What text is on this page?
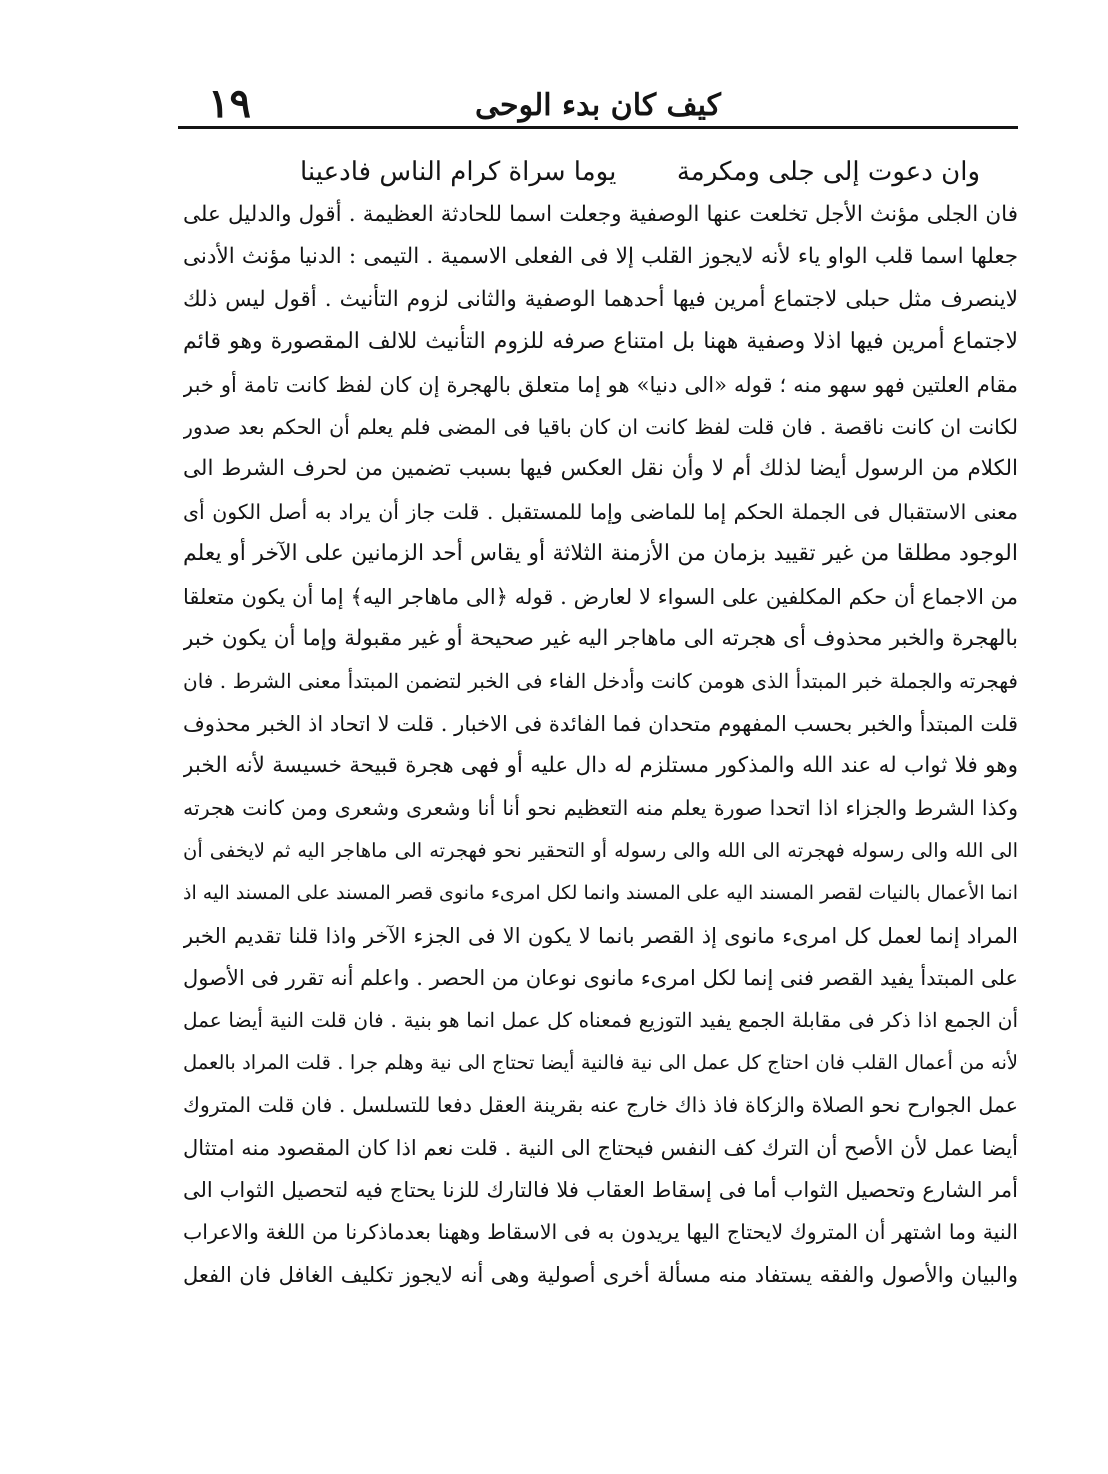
كيف كان بدء الوحى
١٩
وان دعوت إلى جلى ومكرمة
يوما سراة كرام الناس فادعينا
فان الجلى مؤنث الأجل تخلعت عنها الوصفية وجعلت اسما للحادثة العظيمة . أقول والدليل على
جعلها اسما قلب الواو ياء لأنه لايجوز القلب إلا فى الفعلى الاسمية . التيمى : الدنيا مؤنث الأدنى
لاينصرف مثل حبلى لاجتماع أمرين فيها أحدهما الوصفية والثانى لزوم التأنيث . أقول ليس ذلك
لاجتماع أمرين فيها اذلا وصفية ههنا بل امتناع صرفه للزوم التأنيث للالف المقصورة وهو قائم
مقام العلتين فهو سهو منه ؛ قوله «الى دنيا» هو إما متعلق بالهجرة إن كان لفظ كانت تامة أو خبر
لكانت ان كانت ناقصة . فان قلت لفظ كانت ان كان باقيا فى المضى فلم يعلم أن الحكم بعد صدور
الكلام من الرسول أيضا لذلك أم لا وأن نقل العكس فيها بسبب تضمين من لحرف الشرط الى
معنى الاستقبال فى الجملة الحكم إما للماضى وإما للمستقبل . قلت جاز أن يراد به أصل الكون أى
الوجود مطلقا من غير تقييد بزمان من الأزمنة الثلاثة أو يقاس أحد الزمانين على الآخر أو يعلم
من الاجماع أن حكم المكلفين على السواء لا لعارض . قوله ﴿الى ماهاجر اليه﴾ إما أن يكون متعلقا
بالهجرة والخبر محذوف أى هجرته الى ماهاجر اليه غير صحيحة أو غير مقبولة وإما أن يكون خبر
فهجرته والجملة خبر المبتدأ الذى هومن كانت وأدخل الفاء فى الخبر لتضمن المبتدأ معنى الشرط . فان
قلت المبتدأ والخبر بحسب المفهوم متحدان فما الفائدة فى الاخبار . قلت لا اتحاد اذ الخبر محذوف
وهو فلا ثواب له عند الله والمذكور مستلزم له دال عليه أو فهى هجرة قبيحة خسيسة لأنه الخبر
وكذا الشرط والجزاء اذا اتحدا صورة يعلم منه التعظيم نحو أنا أنا وشعرى وشعرى ومن كانت هجرته
الى الله والى رسوله فهجرته الى الله والى رسوله أو التحقير نحو فهجرته الى ماهاجر اليه ثم لايخفى أن
انما الأعمال بالنيات لقصر المسند اليه على المسند وانما لكل امرىء مانوى قصر المسند على المسند اليه اذ
المراد إنما لعمل كل امرىء مانوى إذ القصر بانما لا يكون الا فى الجزء الآخر واذا قلنا تقديم الخبر
على المبتدأ يفيد القصر فنى إنما لكل امرىء مانوى نوعان من الحصر . واعلم أنه تقرر فى الأصول
أن الجمع اذا ذكر فى مقابلة الجمع يفيد التوزيع فمعناه كل عمل انما هو بنية . فان قلت النية أيضا عمل
لأنه من أعمال القلب فان احتاج كل عمل الى نية فالنية أيضا تحتاج الى نية وهلم جرا . قلت المراد بالعمل
عمل الجوارح نحو الصلاة والزكاة فاذ ذاك خارج عنه بقرينة العقل دفعا للتسلسل . فان قلت المتروك
أيضا عمل لأن الأصح أن الترك كف النفس فيحتاج الى النية . قلت نعم اذا كان المقصود منه امتثال
أمر الشارع وتحصيل الثواب أما فى إسقاط العقاب فلا فالتارك للزنا يحتاج فيه لتحصيل الثواب الى
النية وما اشتهر أن المتروك لايحتاج اليها يريدون به فى الاسقاط وههنا بعدماذكرنا من اللغة والاعراب
والبيان والأصول والفقه يستفاد منه مسألة أخرى أصولية وهى أنه لايجوز تكليف الغافل فان الفعل
